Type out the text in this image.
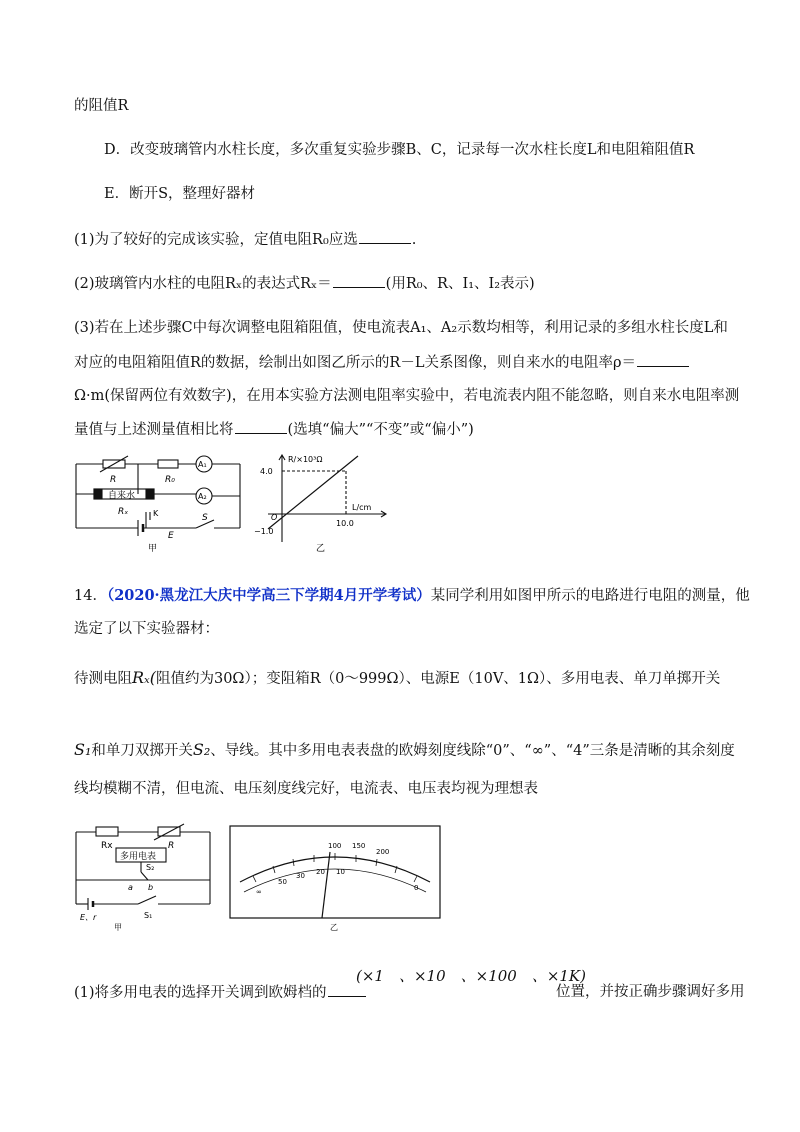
的阻值R
D．改变玻璃管内水柱长度，多次重复实验步骤B、C，记录每一次水柱长度L和电阻箱阻值R
E．断开S，整理好器材
(1)为了较好的完成该实验，定值电阻R₀应选	.
(2)玻璃管内水柱的电阻Rₓ的表达式Rₓ＝	(用R₀、R、I₁、I₂表示)
(3)若在上述步骤C中每次调整电阻箱阻值，使电流表A₁、A₂示数均相等，利用记录的多组水柱长度L和
对应的电阻箱阻值R的数据，绘制出如图乙所示的R－L关系图像，则自来水的电阻率ρ＝
Ω·m(保留两位有效数字)，在用本实验方法测电阻率实验中，若电流表内阻不能忽略，则自来水电阻率测
量值与上述测量值相比将	(选填“偏大”“不变”或“偏小”)
R	R₀
A₁
A₂
自来水
Rₓ	K	S
E
甲
R/×10³Ω
L/cm
4.0
−1.0
10.0
O
乙
14．（2020·黑龙江大庆中学高三下学期4月开学考试）某同学利用如图甲所示的电路进行电阻的测量，他
选定了以下实验器材：
待测电阻Rₓ(阻值约为30Ω）；变阻箱R（0～999Ω）、电源E（10V、1Ω）、多用电表、单刀单掷开关
S₁和单刀双掷开关S₂、导线。其中多用电表表盘的欧姆刻度线除“0”、“∞”、“4”三条是清晰的其余刻度
线均模糊不清，但电流、电压刻度线完好，电流表、电压表均视为理想表
Rx	R
多用电表
S₂
a b
E、r	S₁
甲
∞
50
30 20 10
150
200
100
0
乙
(1)将多用电表的选择开关调到欧姆档的
(×1　、×10　、×100　、×1K)
位置，并按正确步骤调好多用
